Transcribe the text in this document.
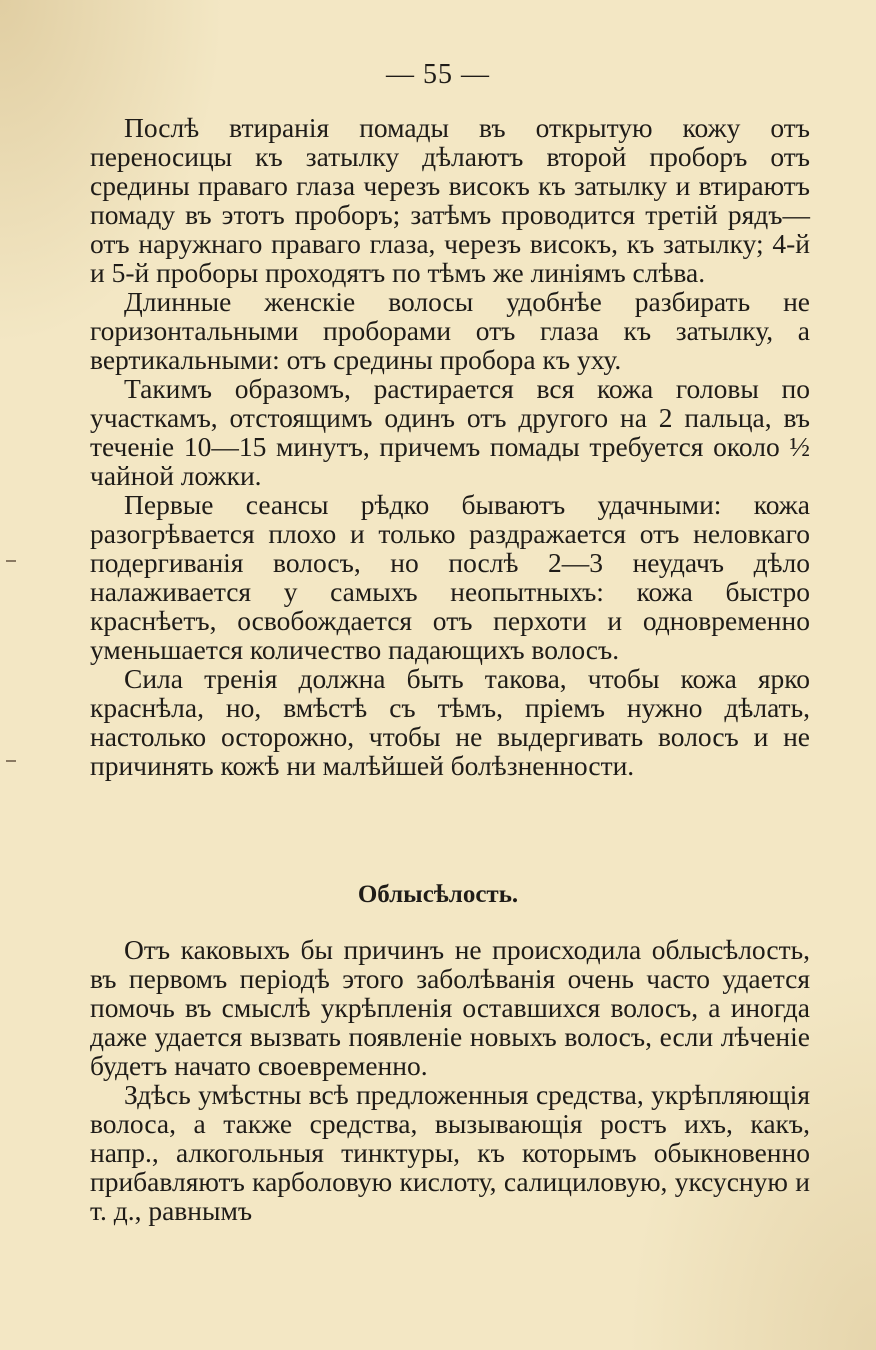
— 55 —

Послѣ втиранія помады въ открытую кожу отъ переносицы къ затылку дѣлаютъ второй проборъ отъ средины праваго глаза черезъ високъ къ затылку и втираютъ помаду въ этотъ проборъ; затѣмъ проводится третій рядъ—отъ наружнаго праваго глаза, черезъ високъ, къ затылку; 4-й и 5-й проборы проходятъ по тѣмъ же линіямъ слѣва.

Длинные женскіе волосы удобнѣе разбирать не горизонтальными проборами отъ глаза къ затылку, а вертикальными: отъ средины пробора къ уху.

Такимъ образомъ, растирается вся кожа головы по участкамъ, отстоящимъ одинъ отъ другого на 2 пальца, въ теченіе 10—15 минутъ, причемъ помады требуется около ½ чайной ложки.

Первые сеансы рѣдко бываютъ удачными: кожа разогрѣвается плохо и только раздражается отъ неловкаго подергиванія волосъ, но послѣ 2—3 неудачъ дѣло налаживается у самыхъ неопытныхъ: кожа быстро краснѣетъ, освобождается отъ перхоти и одновременно уменьшается количество падающихъ волосъ.

Сила тренія должна быть такова, чтобы кожа ярко краснѣла, но, вмѣстѣ съ тѣмъ, пріемъ нужно дѣлать, настолько осторожно, чтобы не выдергивать волосъ и не причинять кожѣ ни малѣйшей болѣзненности.

Облысѣлость.

Отъ каковыхъ бы причинъ не происходила облысѣлость, въ первомъ періодѣ этого заболѣванія очень часто удается помочь въ смыслѣ укрѣпленія оставшихся волосъ, а иногда даже удается вызвать появленіе новыхъ волосъ, если лѣченіе будетъ начато своевременно.

Здѣсь умѣстны всѣ предложенныя средства, укрѣпляющія волоса, а также средства, вызывающія ростъ ихъ, какъ, напр., алкогольныя тинктуры, къ которымъ обыкновенно прибавляютъ карболовую кислоту, салициловую, уксусную и т. д., равнымъ
